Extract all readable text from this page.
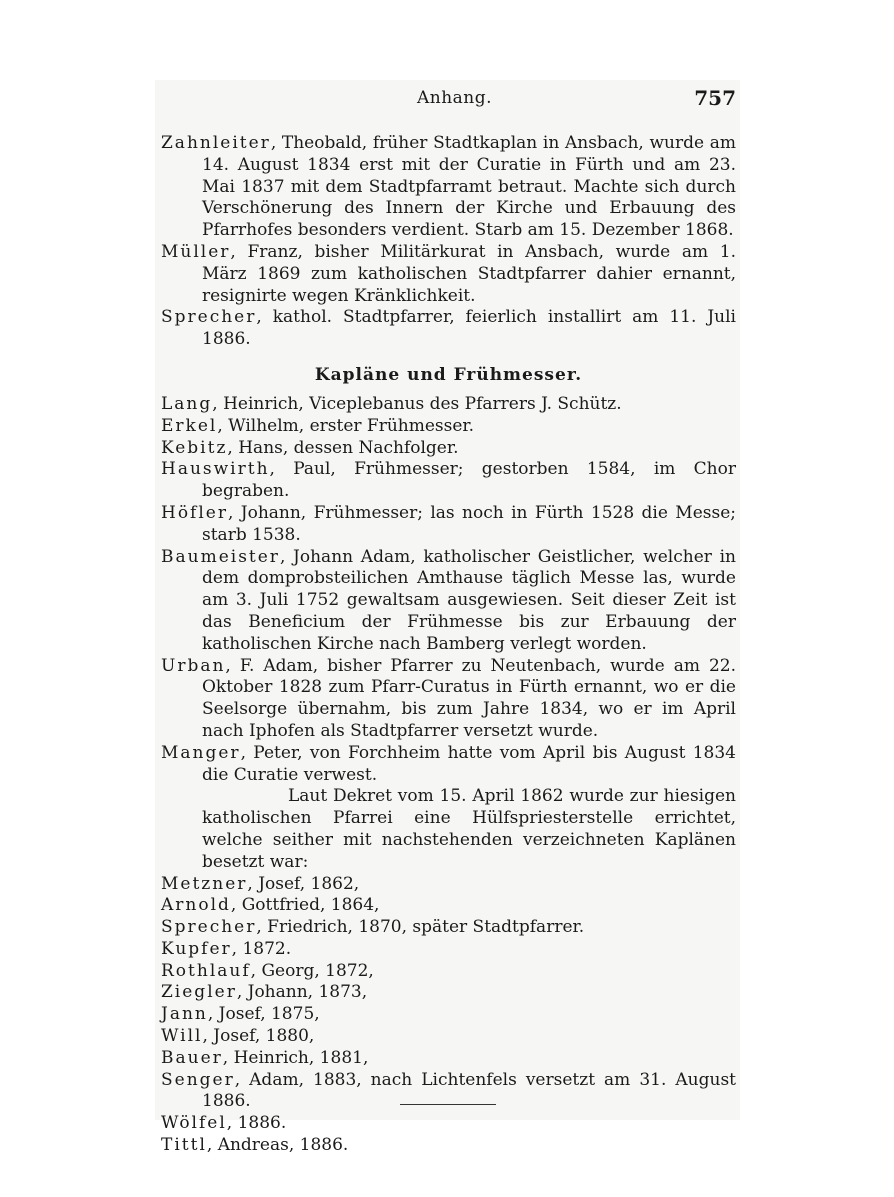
Anhang.	757

Zahnleiter, Theobald, früher Stadtkaplan in Ansbach, wurde am 14. August 1834 erst mit der Curatie in Fürth und am 23. Mai 1837 mit dem Stadtpfarramt betraut. Machte sich durch Verschönerung des Innern der Kirche und Erbauung des Pfarrhofes besonders verdient. Starb am 15. Dezember 1868.

Müller, Franz, bisher Militärkurat in Ansbach, wurde am 1. März 1869 zum katholischen Stadtpfarrer dahier ernannt, resignirte wegen Kränklichkeit.

Sprecher, kathol. Stadtpfarrer, feierlich installirt am 11. Juli 1886.

Kapläne und Frühmesser.

Lang, Heinrich, Viceplebanus des Pfarrers J. Schütz.

Erkel, Wilhelm, erster Frühmesser.

Kebitz, Hans, dessen Nachfolger.

Hauswirth, Paul, Frühmesser; gestorben 1584, im Chor begraben.

Höfler, Johann, Frühmesser; las noch in Fürth 1528 die Messe; starb 1538.

Baumeister, Johann Adam, katholischer Geistlicher, welcher in dem domprobsteilichen Amthause täglich Messe las, wurde am 3. Juli 1752 gewaltsam ausgewiesen. Seit dieser Zeit ist das Beneficium der Frühmesse bis zur Erbauung der katholischen Kirche nach Bamberg verlegt worden.

Urban, F. Adam, bisher Pfarrer zu Neutenbach, wurde am 22. Oktober 1828 zum Pfarr-Curatus in Fürth ernannt, wo er die Seelsorge übernahm, bis zum Jahre 1834, wo er im April nach Iphofen als Stadtpfarrer versetzt wurde.

Manger, Peter, von Forchheim hatte vom April bis August 1834 die Curatie verwest.

Laut Dekret vom 15. April 1862 wurde zur hiesigen katholischen Pfarrei eine Hülfspriesterstelle errichtet, welche seither mit nachstehenden verzeichneten Kaplänen besetzt war:

Metzner, Josef, 1862,

Arnold, Gottfried, 1864,

Sprecher, Friedrich, 1870, später Stadtpfarrer.

Kupfer, 1872.

Rothlauf, Georg, 1872,

Ziegler, Johann, 1873,

Jann, Josef, 1875,

Will, Josef, 1880,

Bauer, Heinrich, 1881,

Senger, Adam, 1883, nach Lichtenfels versetzt am 31. August 1886.

Wölfel, 1886.

Tittl, Andreas, 1886.
